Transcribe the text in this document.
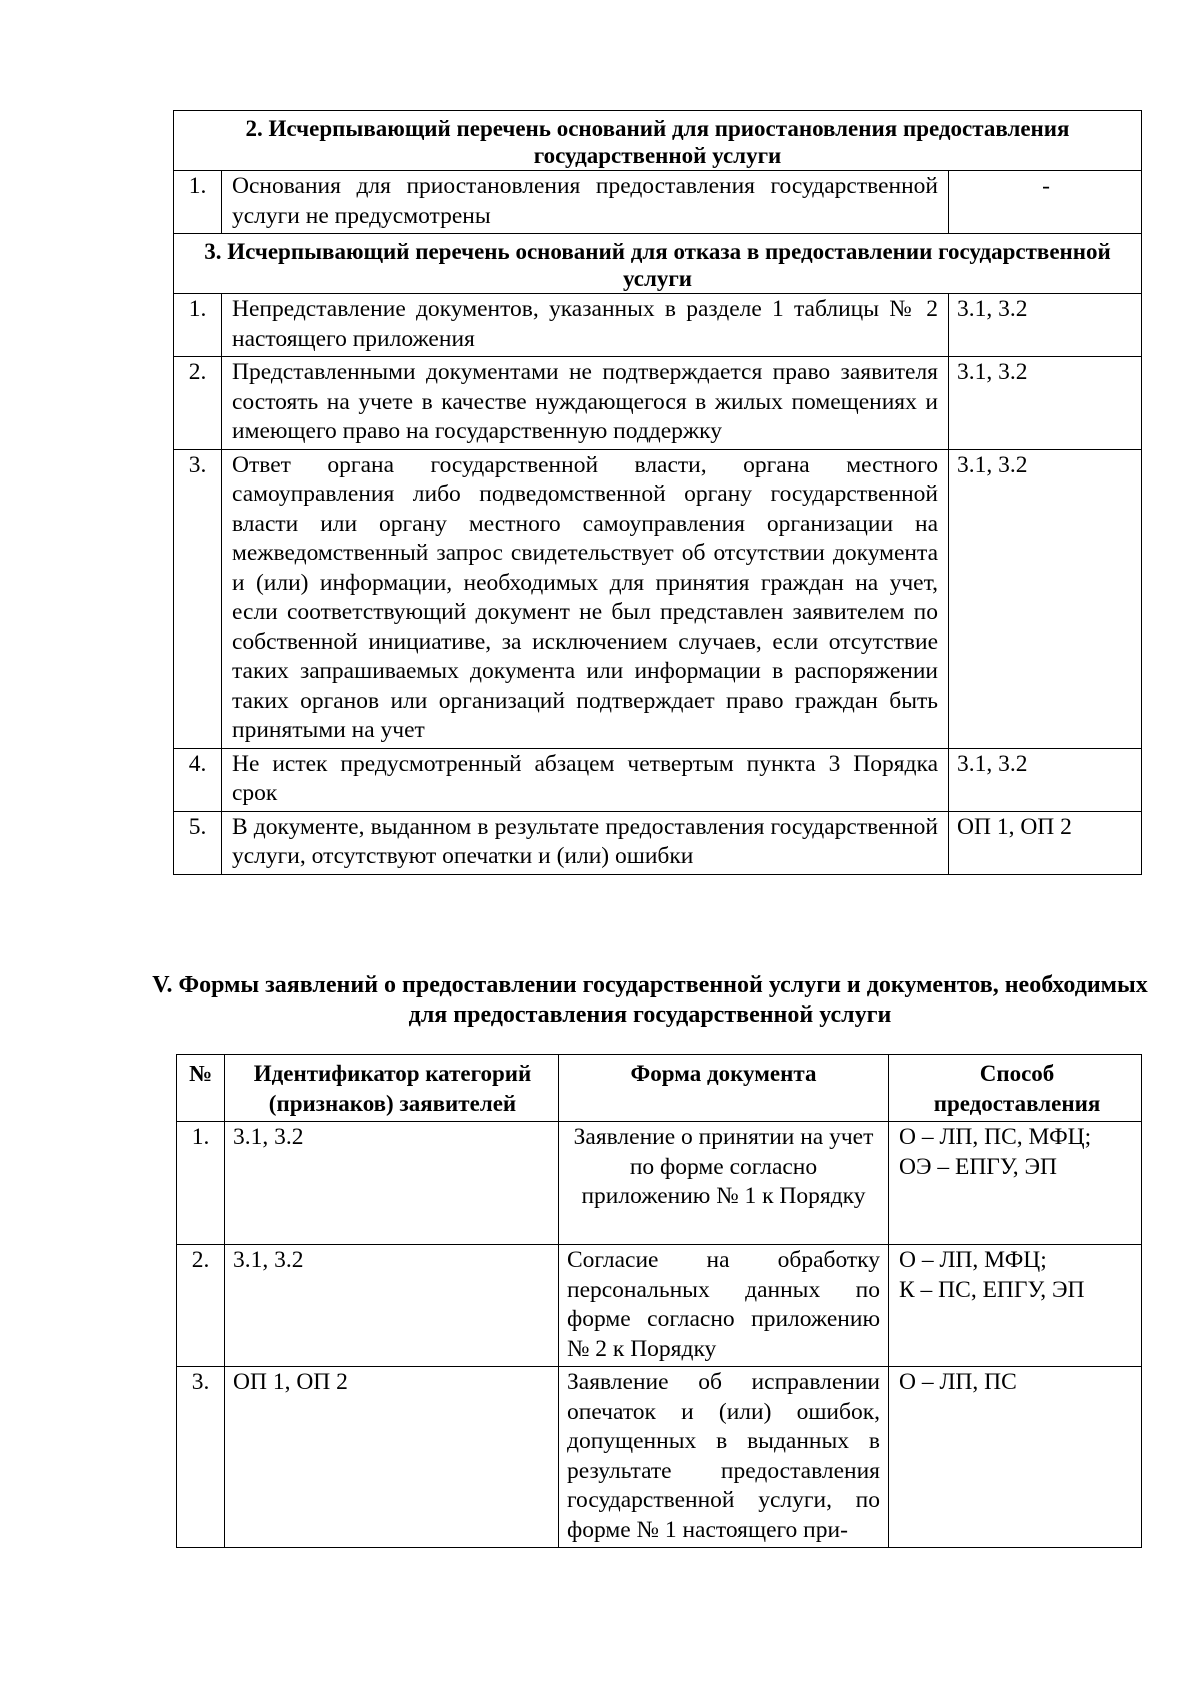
2. Исчерпывающий перечень оснований для приостановления предоставления государственной услуги		
1.	Основания для приостановления предоставления государственной услуги не предусмотрены	-
3. Исчерпывающий перечень оснований для отказа в предоставлении государственной услуги		
1.	Непредставление документов, указанных в разделе 1 таблицы № 2 настоящего приложения	3.1, 3.2
2.	Представленными документами не подтверждается право заявителя состоять на учете в качестве нуждающегося в жилых помещениях и имеющего право на государственную поддержку	3.1, 3.2
3.	Ответ органа государственной власти, органа местного самоуправления либо подведомственной органу государственной власти или органу местного самоуправления организации на межведомственный запрос свидетельствует об отсутствии документа и (или) информации, необходимых для принятия граждан на учет, если соответствующий документ не был представлен заявителем по собственной инициативе, за исключением случаев, если отсутствие таких запрашиваемых документа или информации в распоряжении таких органов или организаций подтверждает право граждан быть принятыми на учет	3.1, 3.2
4.	Не истек предусмотренный абзацем четвертым пункта 3 Порядка срок	3.1, 3.2
5.	В документе, выданном в результате предоставления государственной услуги, отсутствуют опечатки и (или) ошибки	ОП 1, ОП 2
V. Формы заявлений о предоставлении государственной услуги и документов, необходимых для предоставления государственной услуги
№	Идентификатор категорий (признаков) заявителей	Форма документа	Способ предоставления
1.	3.1, 3.2	Заявление о принятии на учет по форме согласно приложению № 1 к Порядку	О – ЛП, ПС, МФЦ;
ОЭ – ЕПГУ, ЭП

2.	3.1, 3.2	Согласие на обработку персональных данных по форме согласно приложению № 2 к Порядку	О – ЛП, МФЦ;
К – ПС, ЕПГУ, ЭП

3.	ОП 1, ОП 2	Заявление об исправлении опечаток и (или) ошибок, допущенных в выданных в результате предоставления государственной услуги, по форме № 1 настоящего при-	О – ЛП, ПС
